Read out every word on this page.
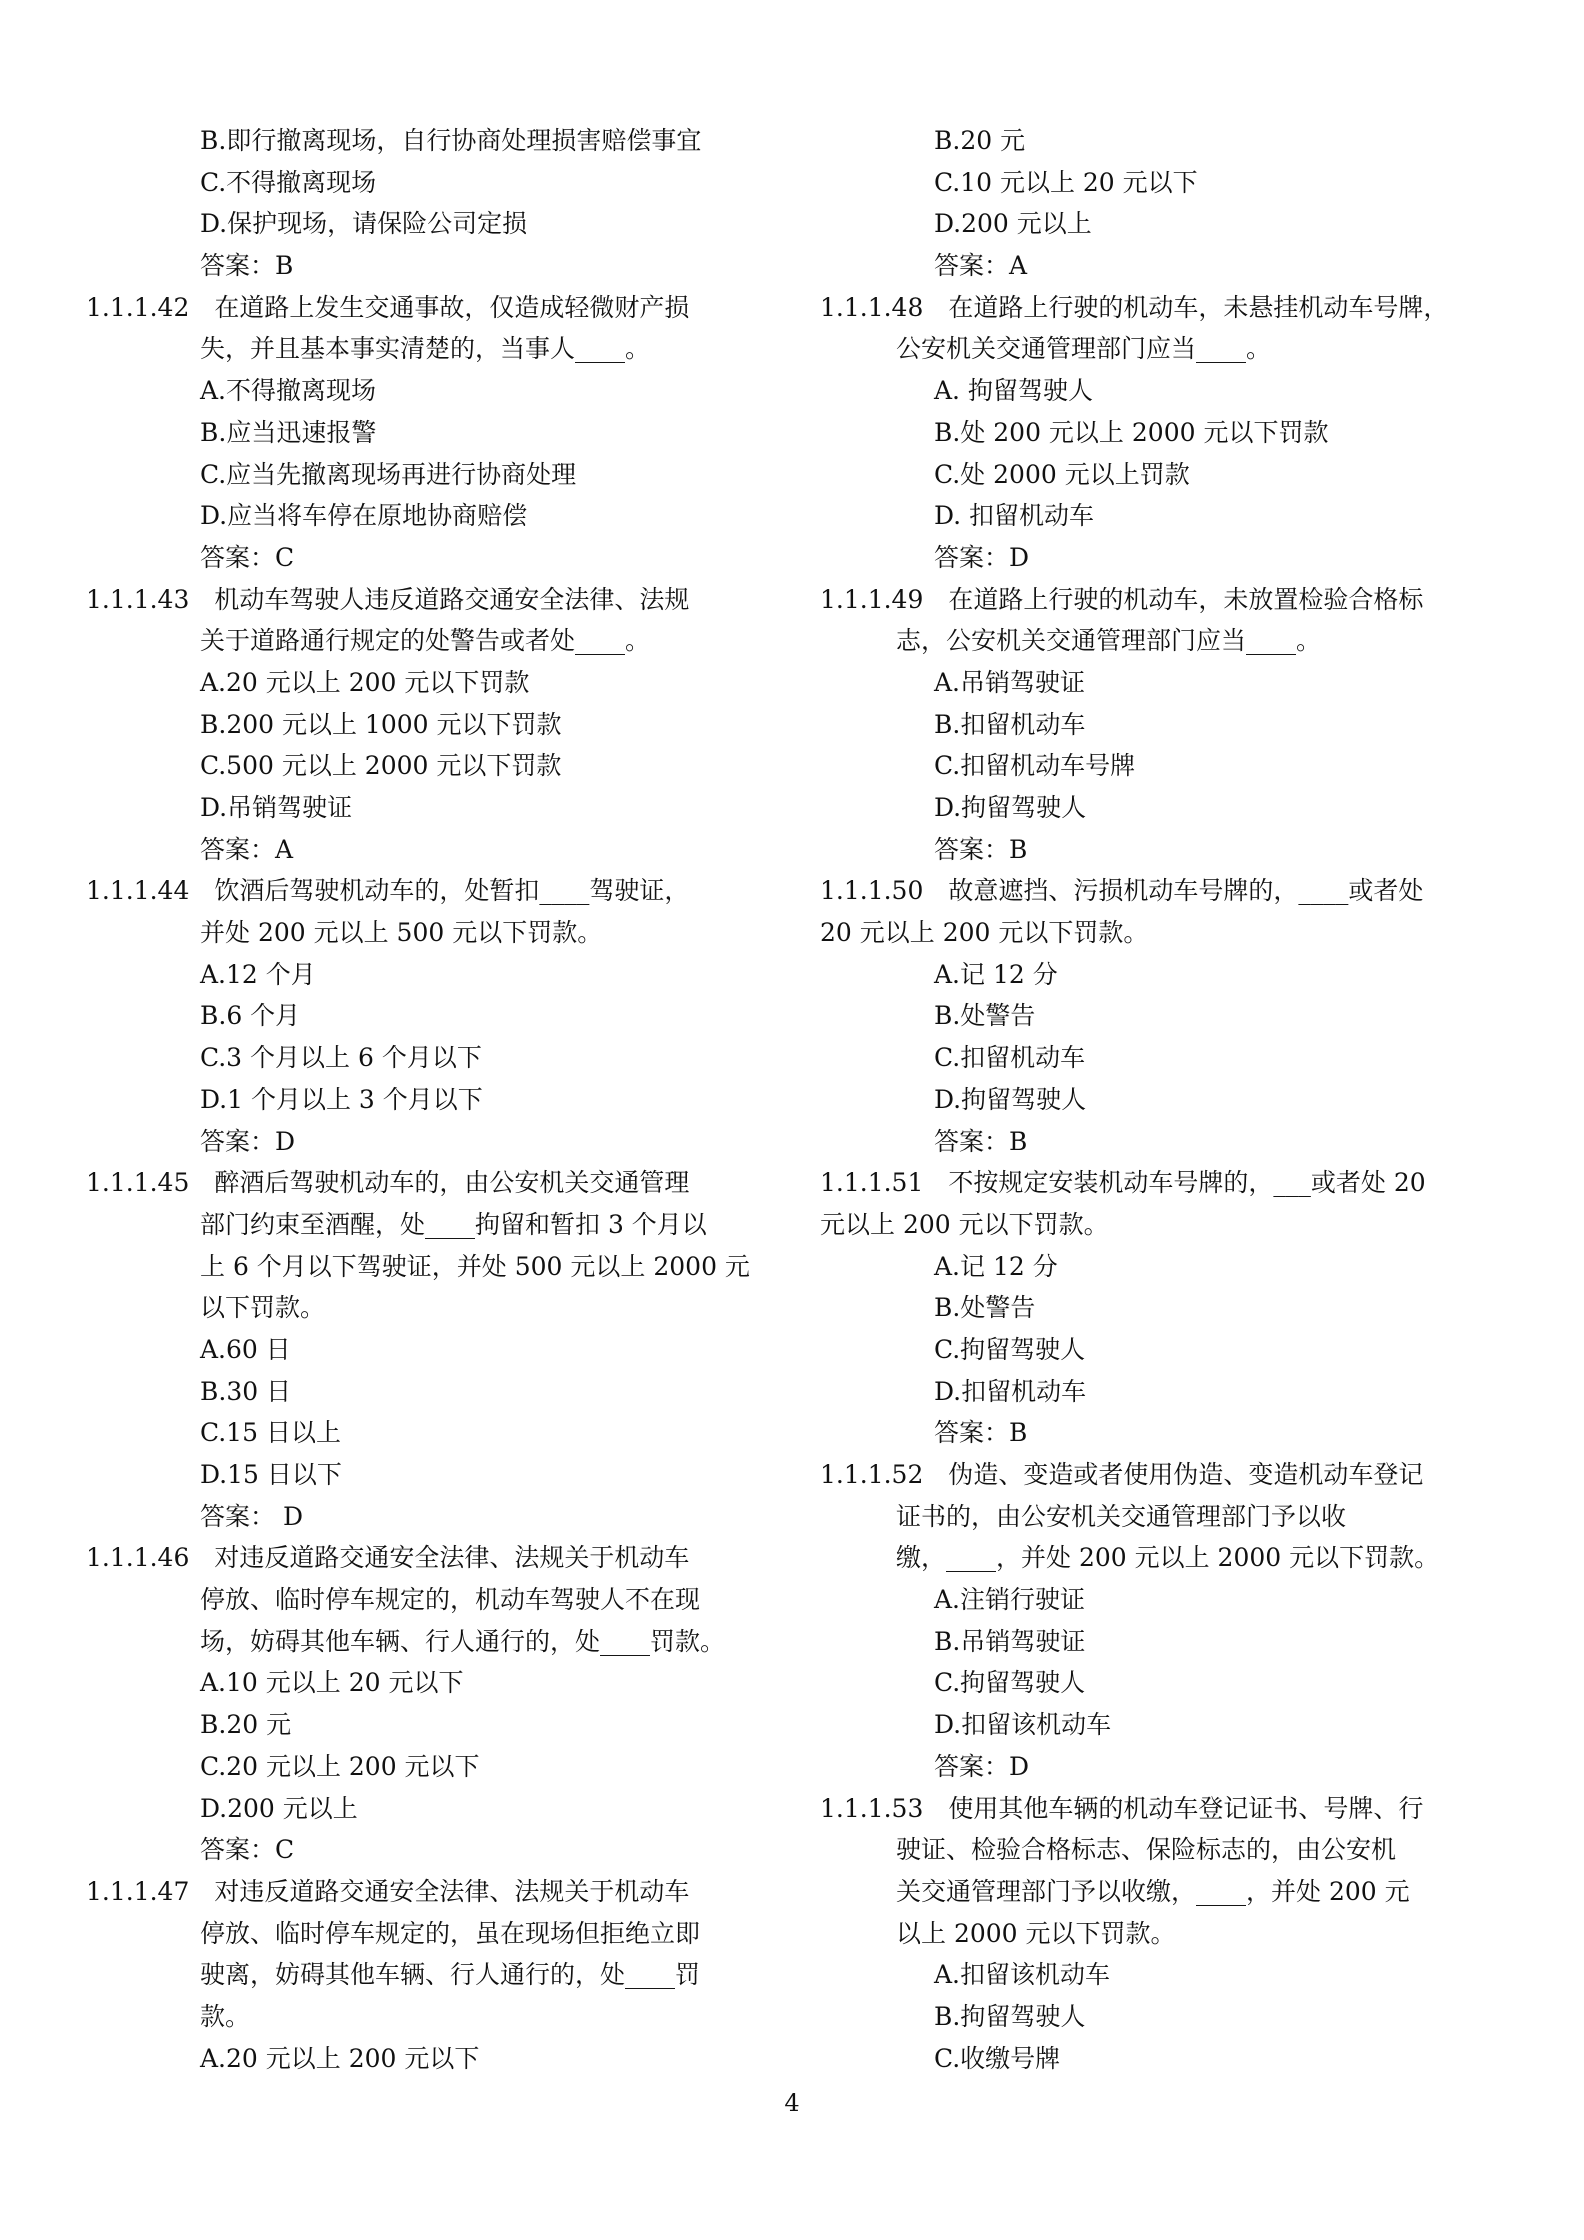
B.即行撤离现场，自行协商处理损害赔偿事宜
C.不得撤离现场
D.保护现场，请保险公司定损
答案：B
1.1.1.42　 在道路上发生交通事故，仅造成轻微财产损
失，并且基本事实清楚的，当事人____。
A.不得撤离现场
B.应当迅速报警
C.应当先撤离现场再进行协商处理
D.应当将车停在原地协商赔偿
答案：C
1.1.1.43　 机动车驾驶人违反道路交通安全法律、法规
关于道路通行规定的处警告或者处____。
A.20 元以上 200 元以下罚款
B.200 元以上 1000 元以下罚款
C.500 元以上 2000 元以下罚款
D.吊销驾驶证
答案：A
1.1.1.44　 饮酒后驾驶机动车的，处暂扣____驾驶证，
并处 200 元以上 500 元以下罚款。
A.12 个月
B.6 个月
C.3 个月以上 6 个月以下
D.1 个月以上 3 个月以下
答案：D
1.1.1.45　 醉酒后驾驶机动车的，由公安机关交通管理
部门约束至酒醒，处____拘留和暂扣 3 个月以
上 6 个月以下驾驶证，并处 500 元以上 2000 元
以下罚款。
A.60 日
B.30 日
C.15 日以上
D.15 日以下
答案： D
1.1.1.46　 对违反道路交通安全法律、法规关于机动车
停放、临时停车规定的，机动车驾驶人不在现
场，妨碍其他车辆、行人通行的，处____罚款。
A.10 元以上 20 元以下
B.20 元
C.20 元以上 200 元以下
D.200 元以上
答案：C
1.1.1.47　 对违反道路交通安全法律、法规关于机动车
停放、临时停车规定的，虽在现场但拒绝立即
驶离，妨碍其他车辆、行人通行的，处____罚
款。
A.20 元以上 200 元以下
B.20 元
C.10 元以上 20 元以下
D.200 元以上
答案：A
1.1.1.48　 在道路上行驶的机动车，未悬挂机动车号牌，
公安机关交通管理部门应当____。
A. 拘留驾驶人
B.处 200 元以上 2000 元以下罚款
C.处 2000 元以上罚款
D. 扣留机动车
答案：D
1.1.1.49　 在道路上行驶的机动车，未放置检验合格标
志，公安机关交通管理部门应当____。
A.吊销驾驶证
B.扣留机动车
C.扣留机动车号牌
D.拘留驾驶人
答案：B
1.1.1.50　 故意遮挡、污损机动车号牌的，____或者处
20 元以上 200 元以下罚款。
A.记 12 分
B.处警告
C.扣留机动车
D.拘留驾驶人
答案：B
1.1.1.51　 不按规定安装机动车号牌的，___或者处 20
元以上 200 元以下罚款。
A.记 12 分
B.处警告
C.拘留驾驶人
D.扣留机动车
答案：B
1.1.1.52　 伪造、变造或者使用伪造、变造机动车登记
证书的，由公安机关交通管理部门予以收
缴，____，并处 200 元以上 2000 元以下罚款。
A.注销行驶证
B.吊销驾驶证
C.拘留驾驶人
D.扣留该机动车
答案：D
1.1.1.53　 使用其他车辆的机动车登记证书、号牌、行
驶证、检验合格标志、保险标志的，由公安机
关交通管理部门予以收缴，____，并处 200 元
以上 2000 元以下罚款。
A.扣留该机动车
B.拘留驾驶人
C.收缴号牌
4
